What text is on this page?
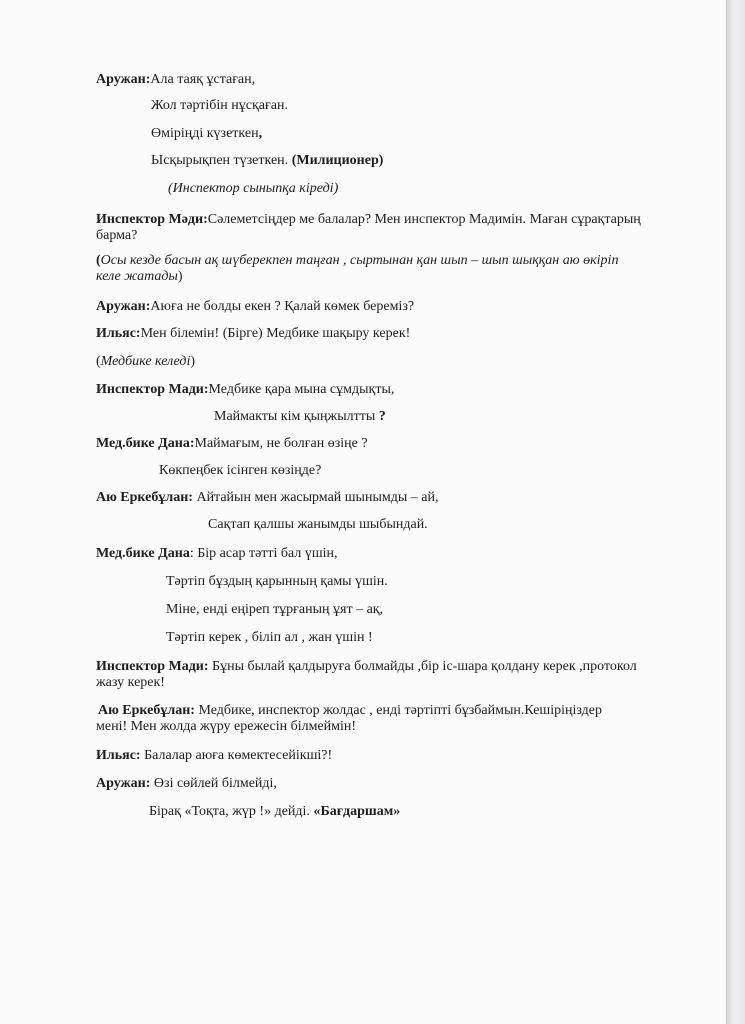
Аружан:Ала таяқ ұстаған,
Жол тәртібін нұсқаған.
Өміріңді күзеткен,
Ысқырықпен түзеткен. (Милиционер)
(Инспектор сыныпқа кіреді)
Инспектор Мәди:Сәлеметсіңдер ме балалар? Мен инспектор Мадимін. Маған сұрақтарың
барма?
(Осы кезде басын ақ шүберекпен таңған , сыртынан қан шып – шып шыққан аю өкіріп
келе жатады)
Аружан:Аюға не болды екен ? Қалай көмек береміз?
Ильяс:Мен білемін! (Бірге) Медбике шақыру керек!
(Медбике келеді)
Инспектор Мади:Медбике қара мына сұмдықты,
Маймакты кім қыңжылтты ?
Мед.бике Дана:Маймағым, не болған өзіңе ?
Көкпеңбек ісінген көзіңде?
Аю Еркебұлан: Айтайын мен жасырмай шынымды – ай,
Сақтап қалшы жанымды шыбындай.
Мед.бике Дана: Бір асар тәтті бал үшін,
Тәртіп бұздың қарынның қамы үшін.
Міне, енді еңіреп тұрғаның ұят – ақ,
Тәртіп керек , біліп ал , жан үшін !
Инспектор Мади: Бұны былай қалдыруға болмайды ,бір іс-шара қолдану керек ,протокол
жазу керек!
Аю Еркебұлан: Медбике, инспектор жолдас , енді тәртіпті бұзбаймын.Кешіріңіздер
мені! Мен жолда жүру ережесін білмеймін!
Ильяс: Балалар аюға көмектесейікші?!
Аружан: Өзі сөйлей білмейді,
Бірақ «Тоқта, жүр !» дейді. «Бағдаршам»
